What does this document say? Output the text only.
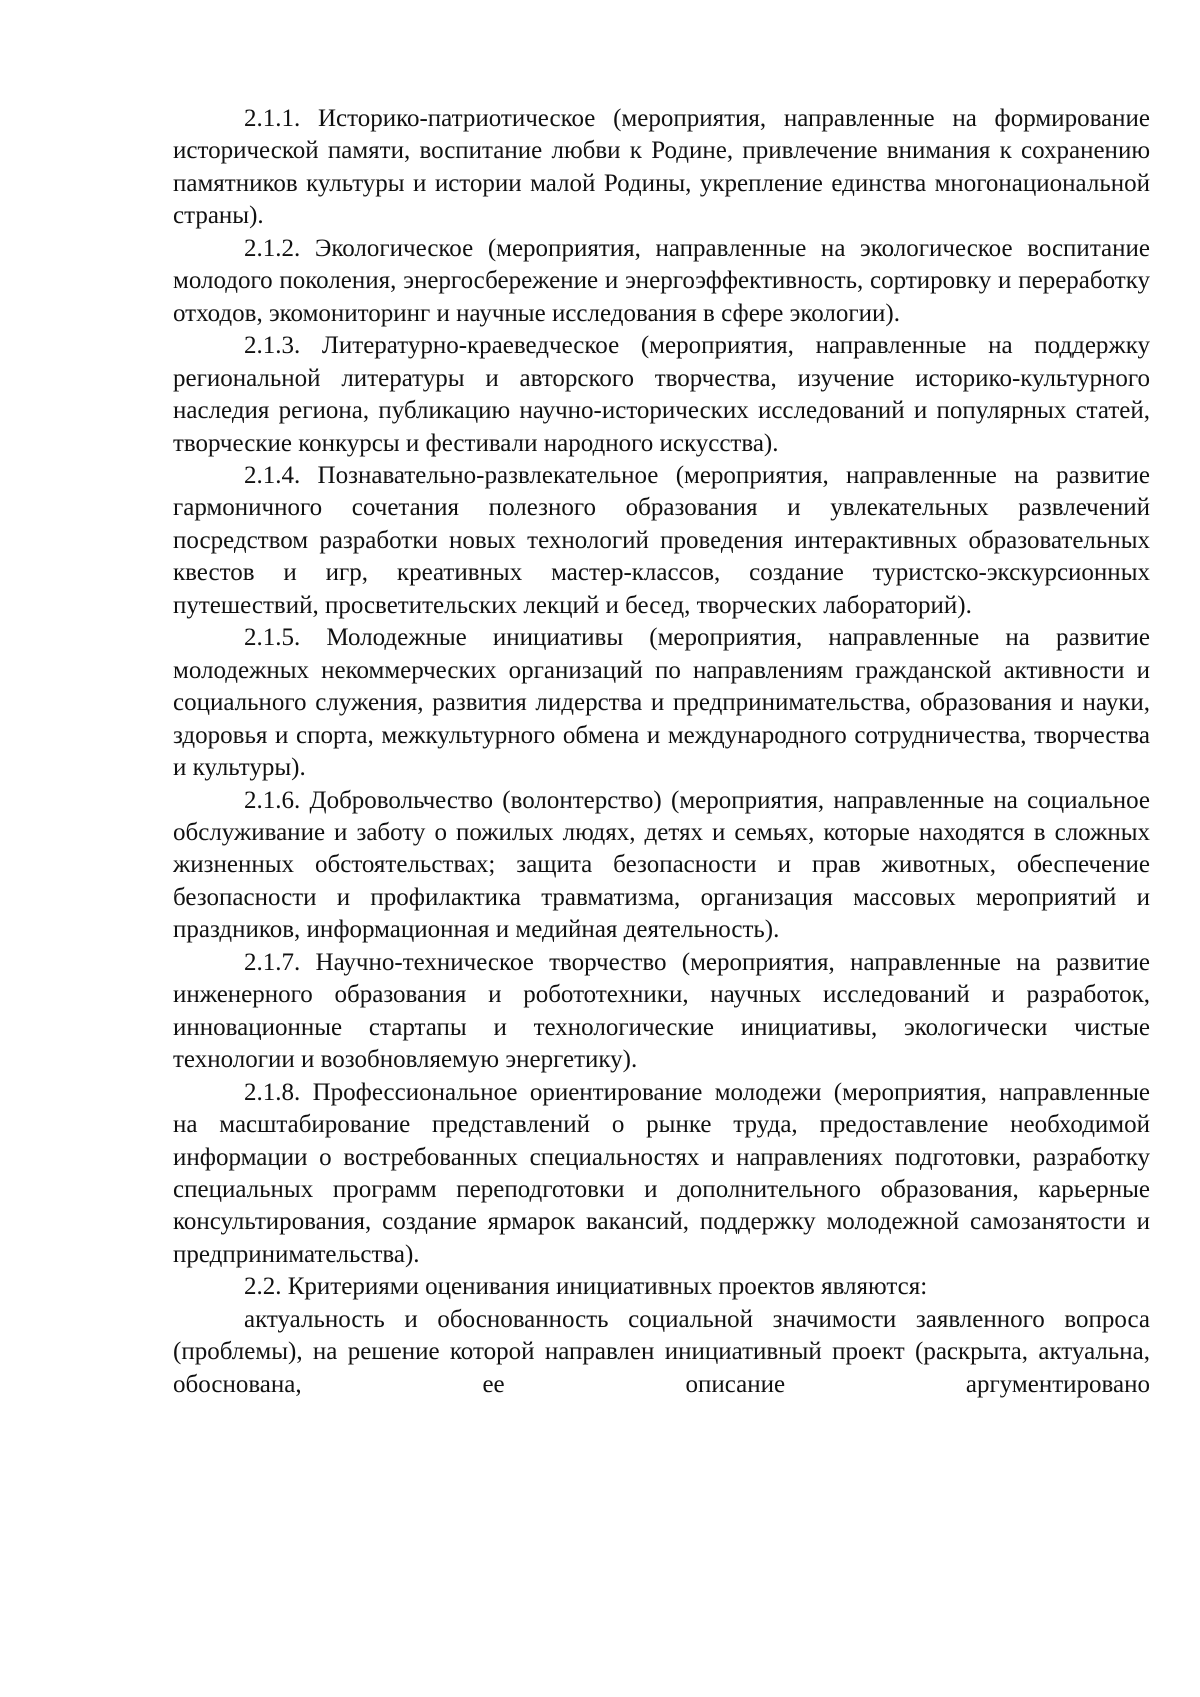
2.1.1. Историко-патриотическое (мероприятия, направленные на формирование исторической памяти, воспитание любви к Родине, привлечение внимания к сохранению памятников культуры и истории малой Родины, укрепление единства многонациональной страны).

2.1.2. Экологическое (мероприятия, направленные на экологическое воспитание молодого поколения, энергосбережение и энергоэффективность, сортировку и переработку отходов, экомониторинг и научные исследования в сфере экологии).

2.1.3. Литературно-краеведческое (мероприятия, направленные на поддержку региональной литературы и авторского творчества, изучение историко-культурного наследия региона, публикацию научно-исторических исследований и популярных статей, творческие конкурсы и фестивали народного искусства).

2.1.4. Познавательно-развлекательное (мероприятия, направленные на развитие гармоничного сочетания полезного образования и увлекательных развлечений посредством разработки новых технологий проведения интерактивных образовательных квестов и игр, креативных мастер-классов, создание туристско-экскурсионных путешествий, просветительских лекций и бесед, творческих лабораторий).

2.1.5. Молодежные инициативы (мероприятия, направленные на развитие молодежных некоммерческих организаций по направлениям гражданской активности и социального служения, развития лидерства и предпринимательства, образования и науки, здоровья и спорта, межкультурного обмена и международного сотрудничества, творчества и культуры).

2.1.6. Добровольчество (волонтерство) (мероприятия, направленные на социальное обслуживание и заботу о пожилых людях, детях и семьях, которые находятся в сложных жизненных обстоятельствах; защита безопасности и прав животных, обеспечение безопасности и профилактика травматизма, организация массовых мероприятий и праздников, информационная и медийная деятельность).

2.1.7. Научно-техническое творчество (мероприятия, направленные на развитие инженерного образования и робототехники, научных исследований и разработок, инновационные стартапы и технологические инициативы, экологически чистые технологии и возобновляемую энергетику).

2.1.8. Профессиональное ориентирование молодежи (мероприятия, направленные на масштабирование представлений о рынке труда, предоставление необходимой информации о востребованных специальностях и направлениях подготовки, разработку специальных программ переподготовки и дополнительного образования, карьерные консультирования, создание ярмарок вакансий, поддержку молодежной самозанятости и предпринимательства).

2.2. Критериями оценивания инициативных проектов являются:

актуальность и обоснованность социальной значимости заявленного вопроса (проблемы), на решение которой направлен инициативный проект (раскрыта, актуальна, обоснована, ее описание аргументировано
